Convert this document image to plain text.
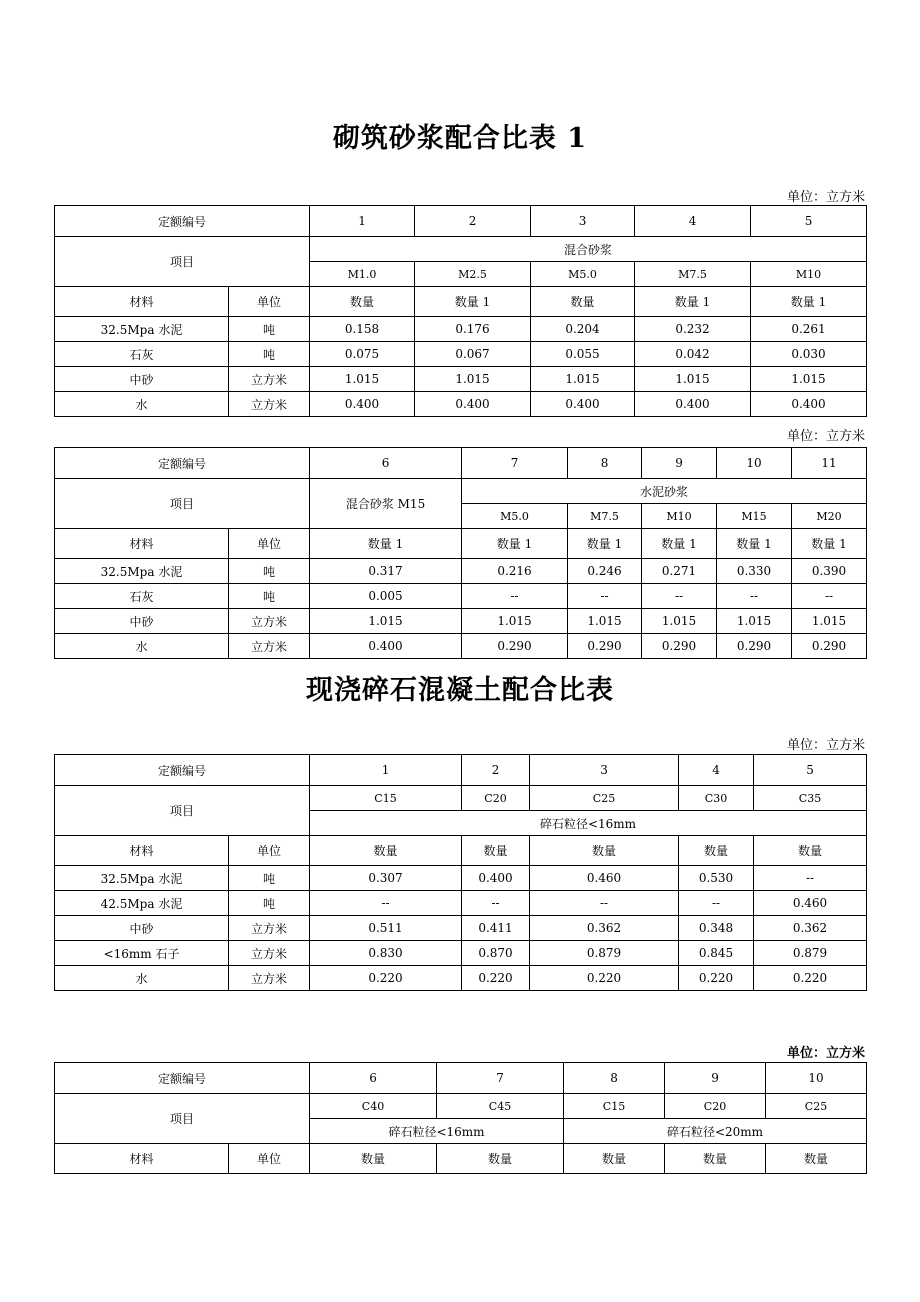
砌筑砂浆配合比表 1
单位：立方米
定额编号		1	2	3	4	5
项目		混合砂浆				
		M1.0	M2.5	M5.0	M7.5	M10
材料	单位	数量	数量 1	数量	数量 1	数量 1
32.5Mpa 水泥	吨	0.158	0.176	0.204	0.232	0.261
石灰	吨	0.075	0.067	0.055	0.042	0.030
中砂	立方米	1.015	1.015	1.015	1.015	1.015
水	立方米	0.400	0.400	0.400	0.400	0.400
单位：立方米
定额编号		6	7	8	9	10	11
项目		混合砂浆 M15	水泥砂浆				
			M5.0	M7.5	M10	M15	M20
材料	单位	数量 1	数量 1	数量 1	数量 1	数量 1	数量 1
32.5Mpa 水泥	吨	0.317	0.216	0.246	0.271	0.330	0.390
石灰	吨	0.005	--	--	--	--	--
中砂	立方米	1.015	1.015	1.015	1.015	1.015	1.015
水	立方米	0.400	0.290	0.290	0.290	0.290	0.290
现浇碎石混凝土配合比表
单位：立方米
定额编号		1	2	3	4	5
项目		C15	C20	C25	C30	C35
		碎石粒径<16mm				
材料	单位	数量	数量	数量	数量	数量
32.5Mpa 水泥	吨	0.307	0.400	0.460	0.530	--
42.5Mpa 水泥	吨	--	--	--	--	0.460
中砂	立方米	0.511	0.411	0.362	0.348	0.362
<16mm 石子	立方米	0.830	0.870	0.879	0.845	0.879
水	立方米	0.220	0.220	0.220	0.220	0.220
单位：立方米
定额编号		6	7	8	9	10
项目		C40	C45	C15	C20	C25
		碎石粒径<16mm		碎石粒径<20mm		
材料	单位	数量	数量	数量	数量	数量
